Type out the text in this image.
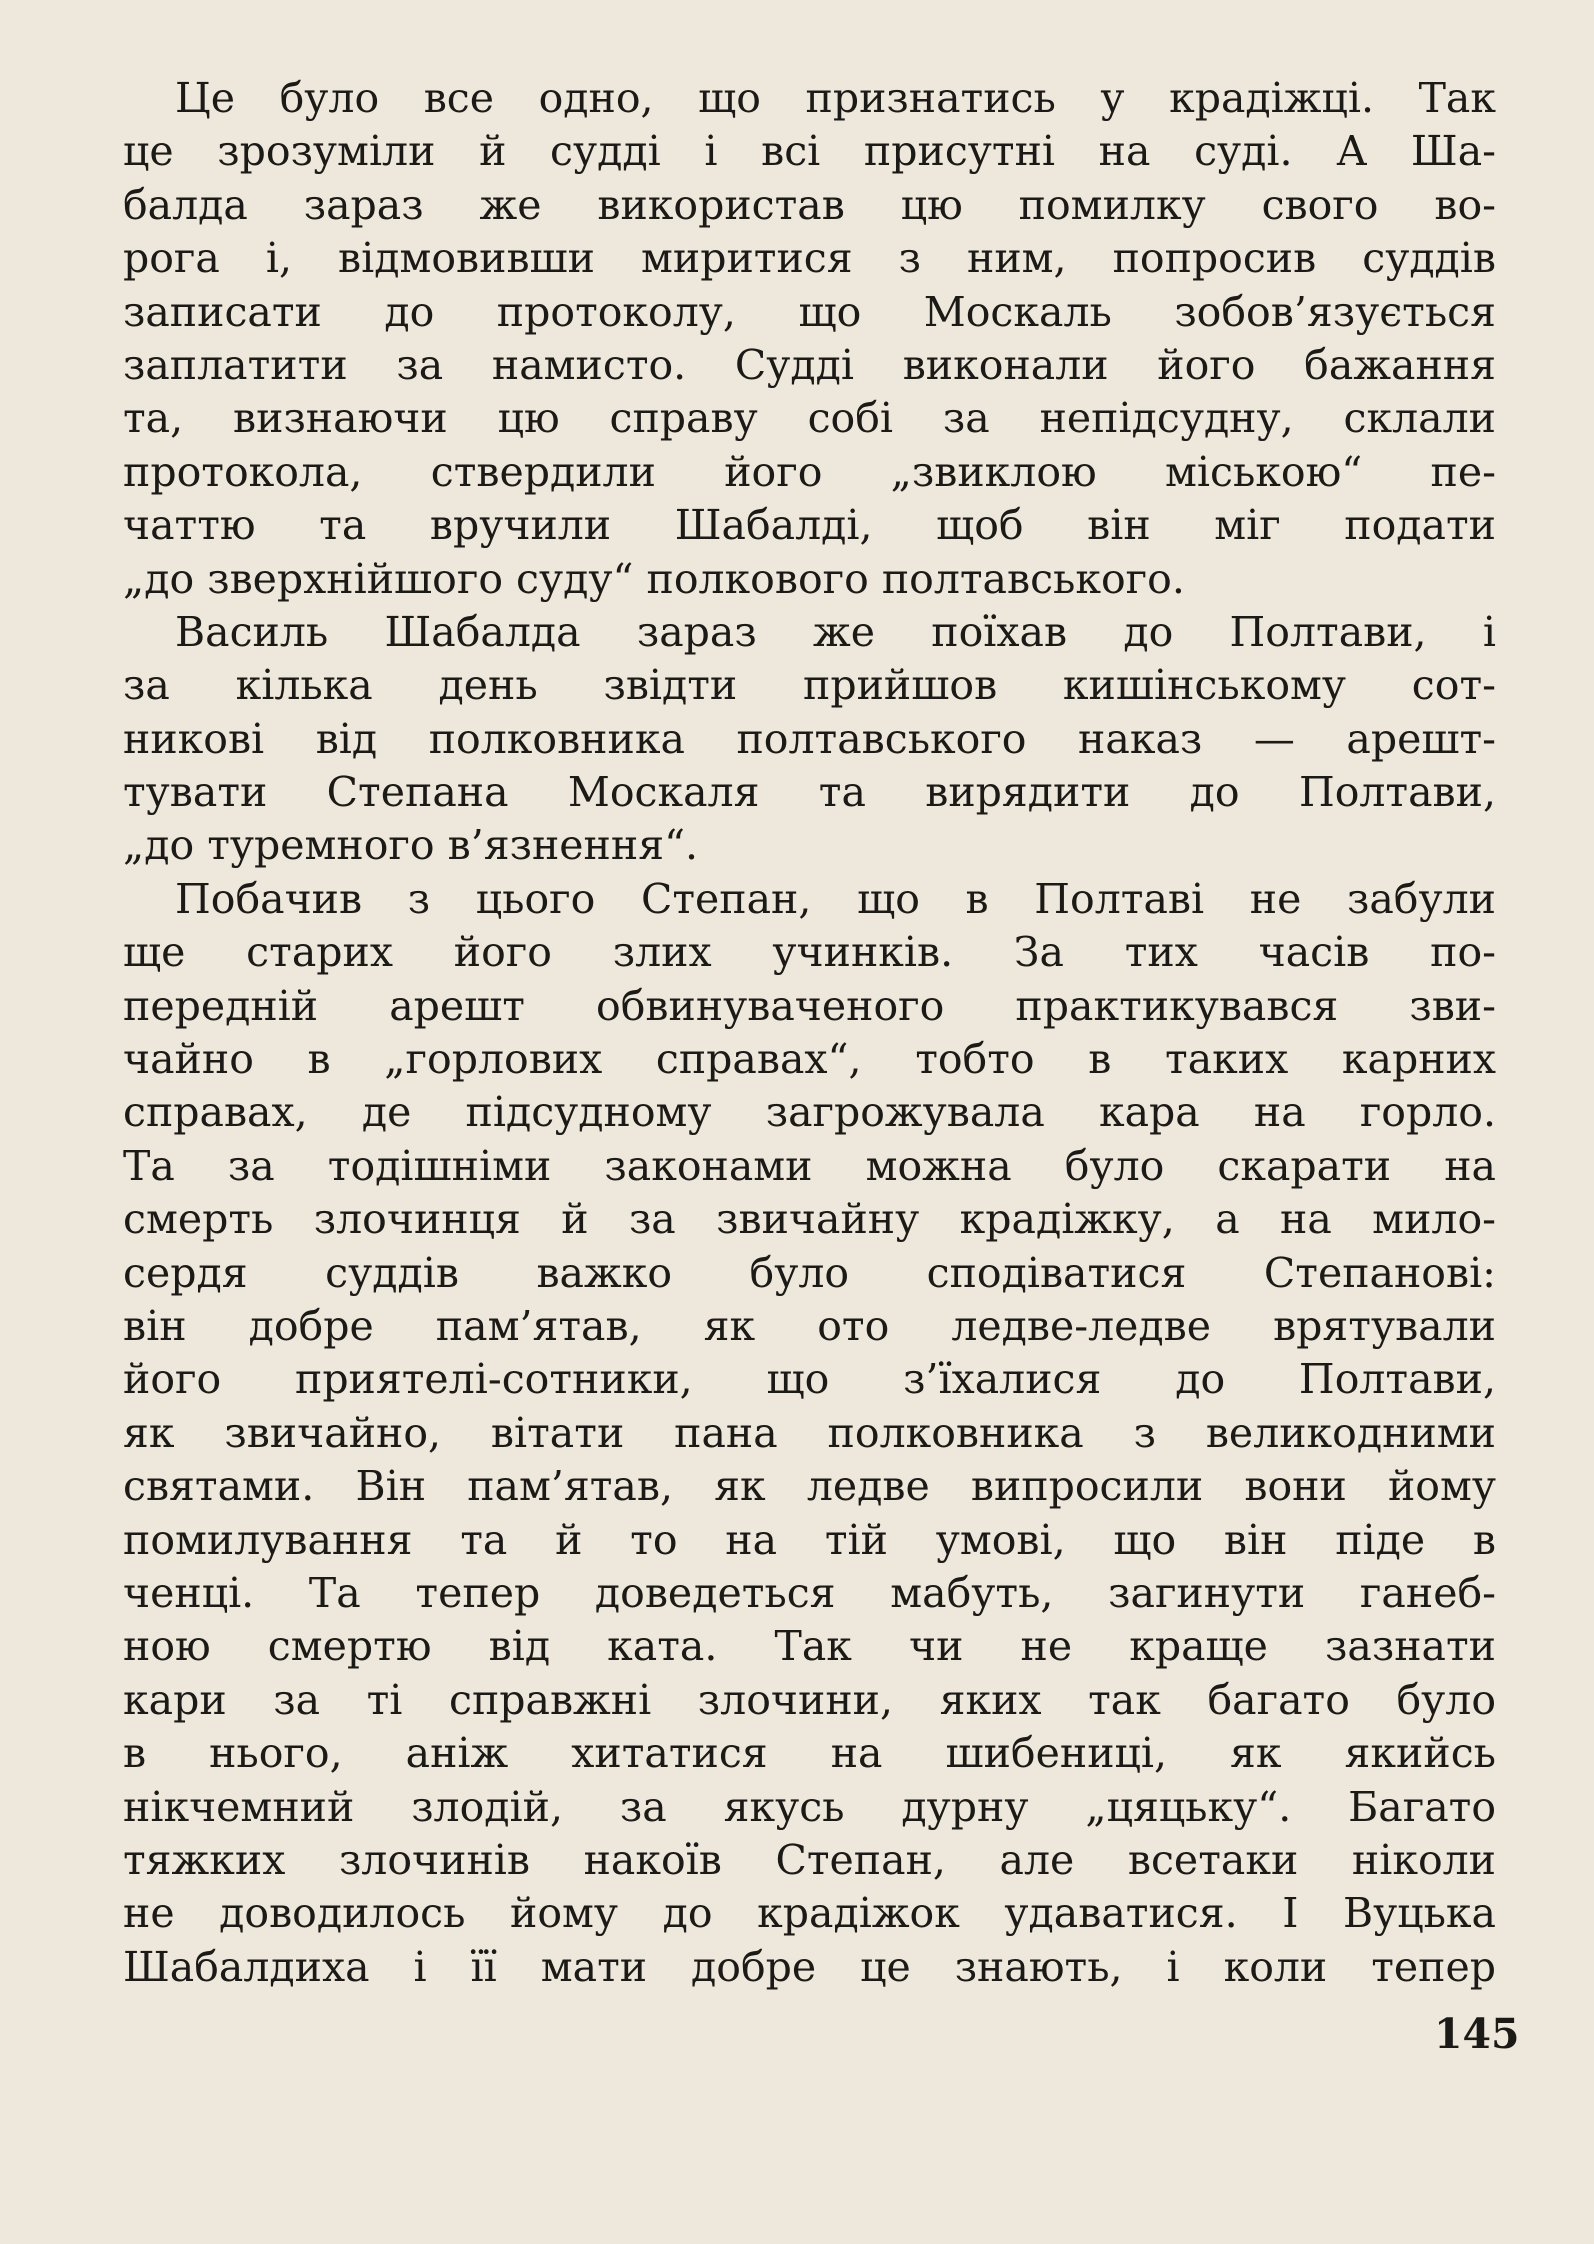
Це було все одно, що признатись у крадіжці. Так
це зрозуміли й судді і всі присутні на суді. А Ша-
балда зараз же використав цю помилку свого во-
рога і, відмовивши миритися з ним, попросив суддів
записати до протоколу, що Москаль зобов’язується
заплатити за намисто. Судді виконали його бажання
та, визнаючи цю справу собі за непідсудну, склали
протокола, ствердили його „звиклою міською“ пе-
чаттю та вручили Шабалді, щоб він міг подати
„до зверхнійшого суду“ полкового полтавського.
Василь Шабалда зараз же поїхав до Полтави, і
за кілька день звідти прийшов кишінському сот-
никові від полковника полтавського наказ — арешт-
тувати Степана Москаля та вирядити до Полтави,
„до туремного в’язнення“.
Побачив з цього Степан, що в Полтаві не забули
ще старих його злих учинків. За тих часів по-
передній арешт обвинуваченого практикувався зви-
чайно в „горлових справах“, тобто в таких карних
справах, де підсудному загрожувала кара на горло.
Та за тодішніми законами можна було скарати на
смерть злочинця й за звичайну крадіжку, а на мило-
сердя суддів важко було сподіватися Степанові:
він добре пам’ятав, як ото ледве-ледве врятували
його приятелі-сотники, що з’їхалися до Полтави,
як звичайно, вітати пана полковника з великодними
святами. Він пам’ятав, як ледве випросили вони йому
помилування та й то на тій умові, що він піде в
ченці. Та тепер доведеться мабуть, загинути ганеб-
ною смертю від ката. Так чи не краще зазнати
кари за ті справжні злочини, яких так багато було
в нього, аніж хитатися на шибениці, як якийсь
нікчемний злодій, за якусь дурну „цяцьку“. Багато
тяжких злочинів накоїв Степан, але всетаки ніколи
не доводилось йому до крадіжок удаватися. І Вуцька
Шабалдиха і її мати добре це знають, і коли тепер
145
